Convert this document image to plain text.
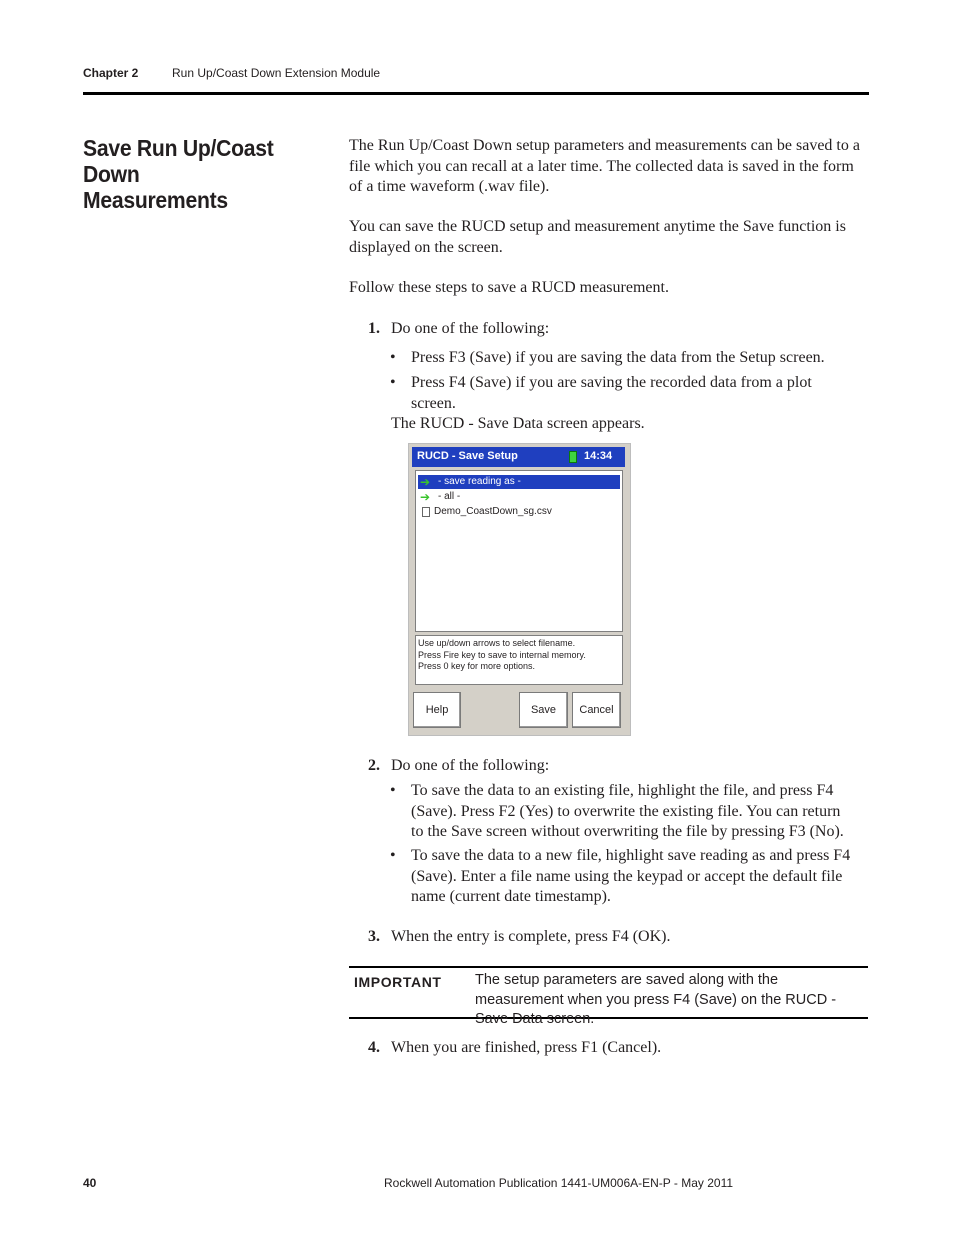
Chapter 2	Run Up/Coast Down Extension Module
Save Run Up/Coast Down
Measurements
The Run Up/Coast Down setup parameters and measurements can be saved to a file which you can recall at a later time. The collected data is saved in the form of a time waveform (.wav file).
You can save the RUCD setup and measurement anytime the Save function is displayed on the screen.
Follow these steps to save a RUCD measurement.
1. Do one of the following:
• Press F3 (Save) if you are saving the data from the Setup screen.
• Press F4 (Save) if you are saving the recorded data from a plot screen.
The RUCD - Save Data screen appears.
RUCD - Save Setup	14:34
➔ - save reading as -
➔ - all -
Demo_CoastDown_sg.csv
Use up/down arrows to select filename.
Press Fire key to save to internal memory.
Press 0 key for more options.
Help	Save	Cancel
2. Do one of the following:
• To save the data to an existing file, highlight the file, and press F4 (Save). Press F2 (Yes) to overwrite the existing file. You can return to the Save screen without overwriting the file by pressing F3 (No).
• To save the data to a new file, highlight save reading as and press F4 (Save). Enter a file name using the keypad or accept the default file name (current date timestamp).
3. When the entry is complete, press F4 (OK).
IMPORTANT The setup parameters are saved along with the measurement when you press F4 (Save) on the RUCD - Save Data screen.
4. When you are finished, press F1 (Cancel).
40	Rockwell Automation Publication 1441-UM006A-EN-P - May 2011
